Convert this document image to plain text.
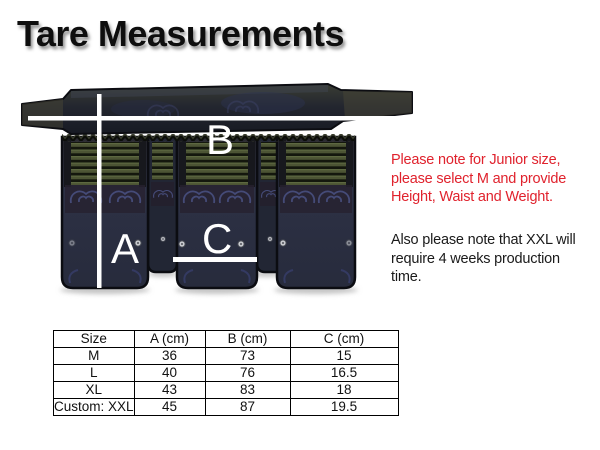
Tare Measurements
A
B
C
Please note for Junior size,
please select M and provide
Height, Waist and Weight.
Also please note that XXL will
require 4 weeks production
time.
Size	A (cm)	B (cm)	C (cm)
M	36	73	15
L	40	76	16.5
XL	43	83	18
Custom: XXL	45	87	19.5
